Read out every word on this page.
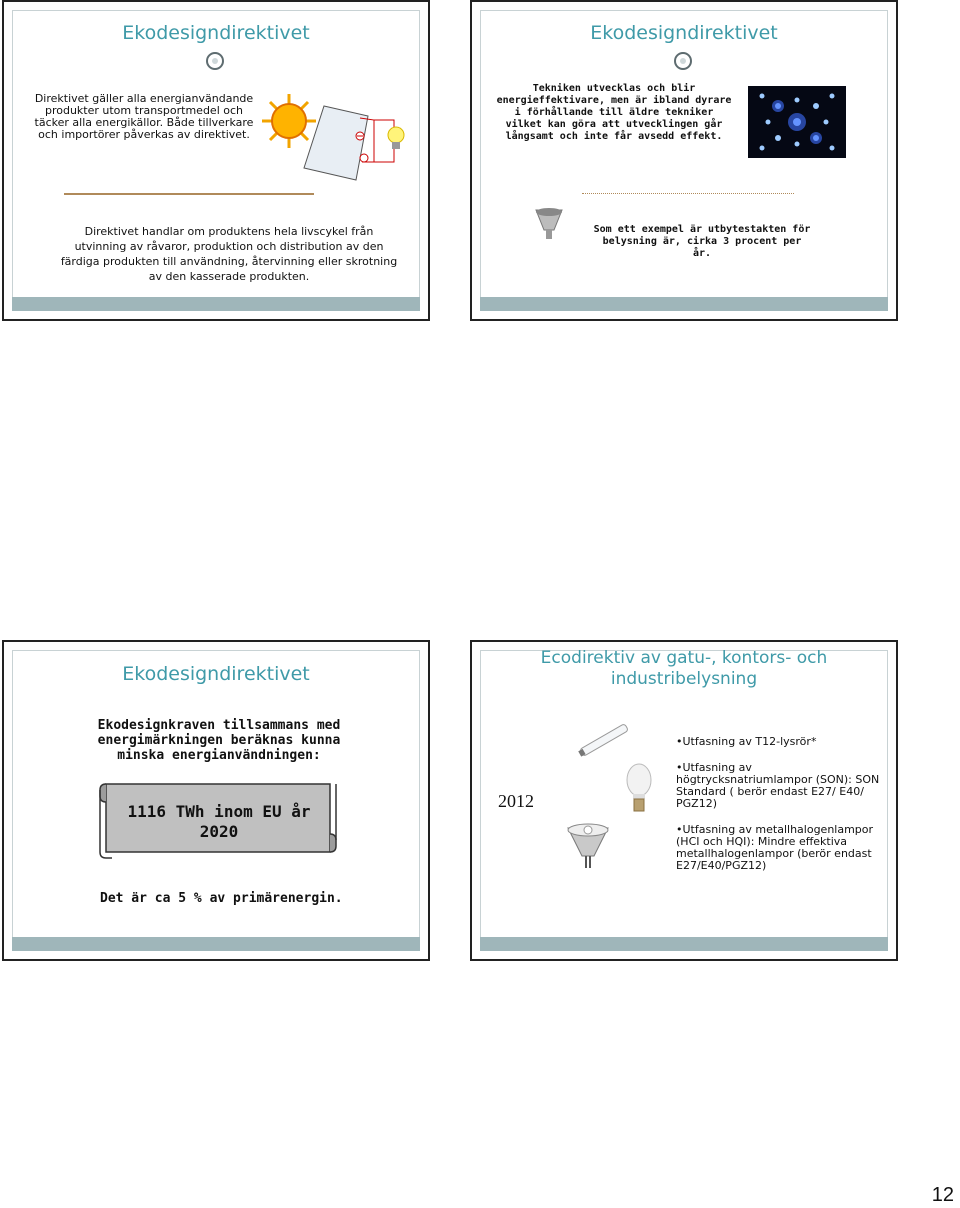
Ekodesigndirektivet
Direktivet gäller alla energianvändande produkter utom transportmedel och täcker alla energikällor. Både tillverkare och importörer påverkas av direktivet.
Direktivet handlar om produktens hela livscykel från utvinning av råvaror, produktion och distribution av den färdiga produkten till användning, återvinning eller skrotning av den kasserade produkten.
Ekodesigndirektivet
Tekniken utvecklas och blir energieffektivare, men är ibland dyrare i förhållande till äldre tekniker vilket kan göra att utvecklingen går långsamt och inte får avsedd effekt.
Som ett exempel är utbytestakten för belysning är, cirka 3 procent per år.
Ekodesigndirektivet
Ekodesignkraven tillsammans med energimärkningen beräknas kunna minska energianvändningen:
1116 TWh inom EU år 2020
Det är ca 5 % av primärenergin.
Ecodirektiv av gatu-, kontors- och industribelysning
2012
•Utfasning av T12-lysrör*
•Utfasning av högtrycksnatriumlampor (SON): SON Standard ( berör endast E27/ E40/ PGZ12)
•Utfasning av metallhalogenlampor (HCI och HQI): Mindre effektiva metallhalogenlampor (berör endast E27/E40/PGZ12)
12
